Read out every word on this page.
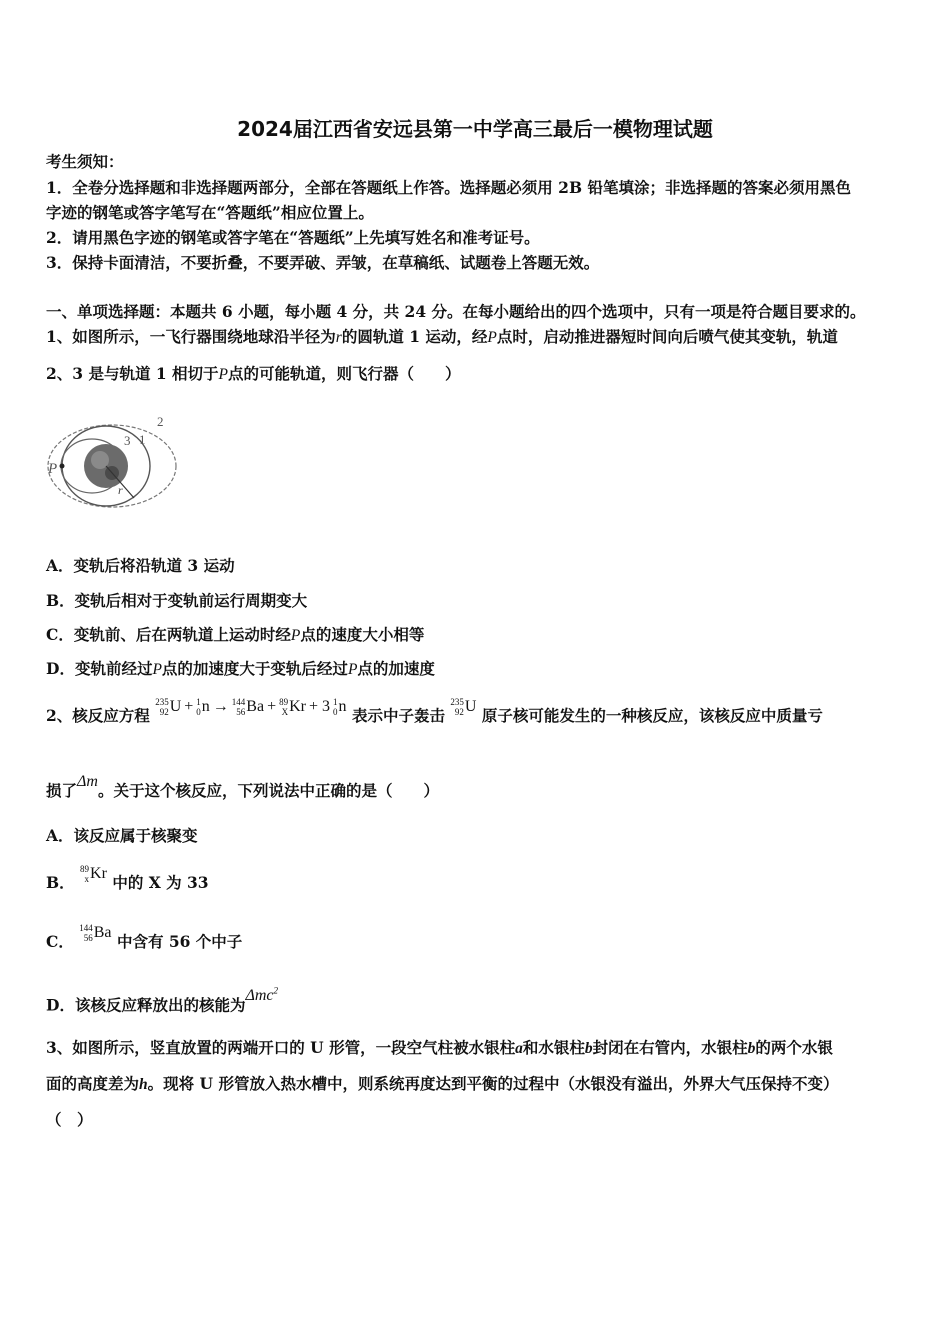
2024届江西省安远县第一中学高三最后一模物理试题
考生须知：
1．全卷分选择题和非选择题两部分，全部在答题纸上作答。选择题必须用 2B 铅笔填涂；非选择题的答案必须用黑色
字迹的钢笔或答字笔写在“答题纸”相应位置上。
2．请用黑色字迹的钢笔或答字笔在“答题纸”上先填写姓名和准考证号。
3．保持卡面清洁，不要折叠，不要弄破、弄皱，在草稿纸、试题卷上答题无效。
一、单项选择题：本题共 6 小题，每小题 4 分，共 24 分。在每小题给出的四个选项中，只有一项是符合题目要求的。
1、如图所示，一飞行器围绕地球沿半径为r的圆轨道 1 运动，经P点时，启动推进器短时间向后喷气使其变轨，轨道
2、3 是与轨道 1 相切于P点的可能轨道，则飞行器（　　）
P
r
1
2
3
A．变轨后将沿轨道 3 运动
B．变轨后相对于变轨前运行周期变大
C．变轨前、后在两轨道上运动时经P点的速度大小相等
D．变轨前经过P点的加速度大于变轨后经过P点的加速度
2、核反应方程
235
92 U + 1
0 n → 144
56 Ba + 89
X Kr + 3 1
0 n 表示中子轰击
235
92 U 原子核可能发生的一种核反应，该核反应中质量亏
损了Δm。关于这个核反应，下列说法中正确的是（　　）
A．该反应属于核聚变
B．
89
x Kr 中的 X 为 33
C．
144
56 Ba 中含有 56 个中子
D．该核反应释放出的核能为Δmc$^2$
3、如图所示，竖直放置的两端开口的 U 形管，一段空气柱被水银柱a和水银柱b封闭在右管内，水银柱b的两个水银
面的高度差为h。现将 U 形管放入热水槽中，则系统再度达到平衡的过程中（水银没有溢出，外界大气压保持不变）
（　）
